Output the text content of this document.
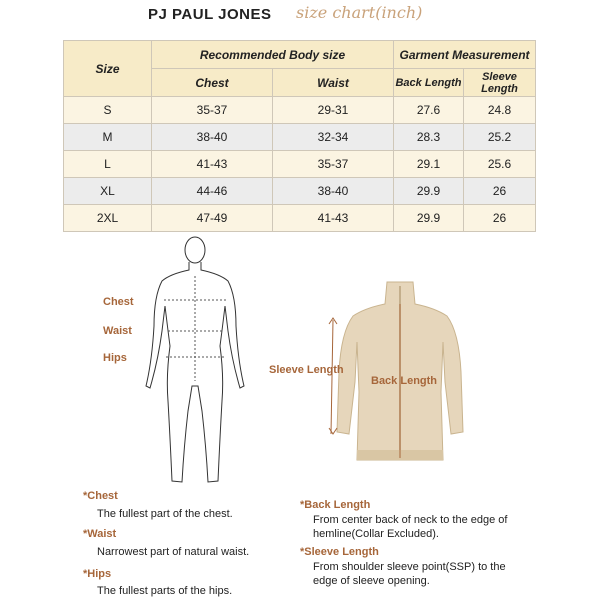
PJ PAUL JONES size chart(inch)
Size	Recommended Body size		Garment Measurement	
	Chest	Waist	Back Length	Sleeve Length
S	35-37	29-31	27.6	24.8
M	38-40	32-34	28.3	25.2
L	41-43	35-37	29.1	25.6
XL	44-46	38-40	29.9	26
2XL	47-49	41-43	29.9	26
Chest
Waist
Hips
Sleeve Length
Back Length
*Chest
The fullest part of the chest.
*Waist
Narrowest part of natural waist.
*Hips
The fullest parts of the hips.
*Back Length
From center back of neck to the edge of hemline(Collar Excluded).
*Sleeve Length
From shoulder sleeve point(SSP) to the edge of sleeve opening.
